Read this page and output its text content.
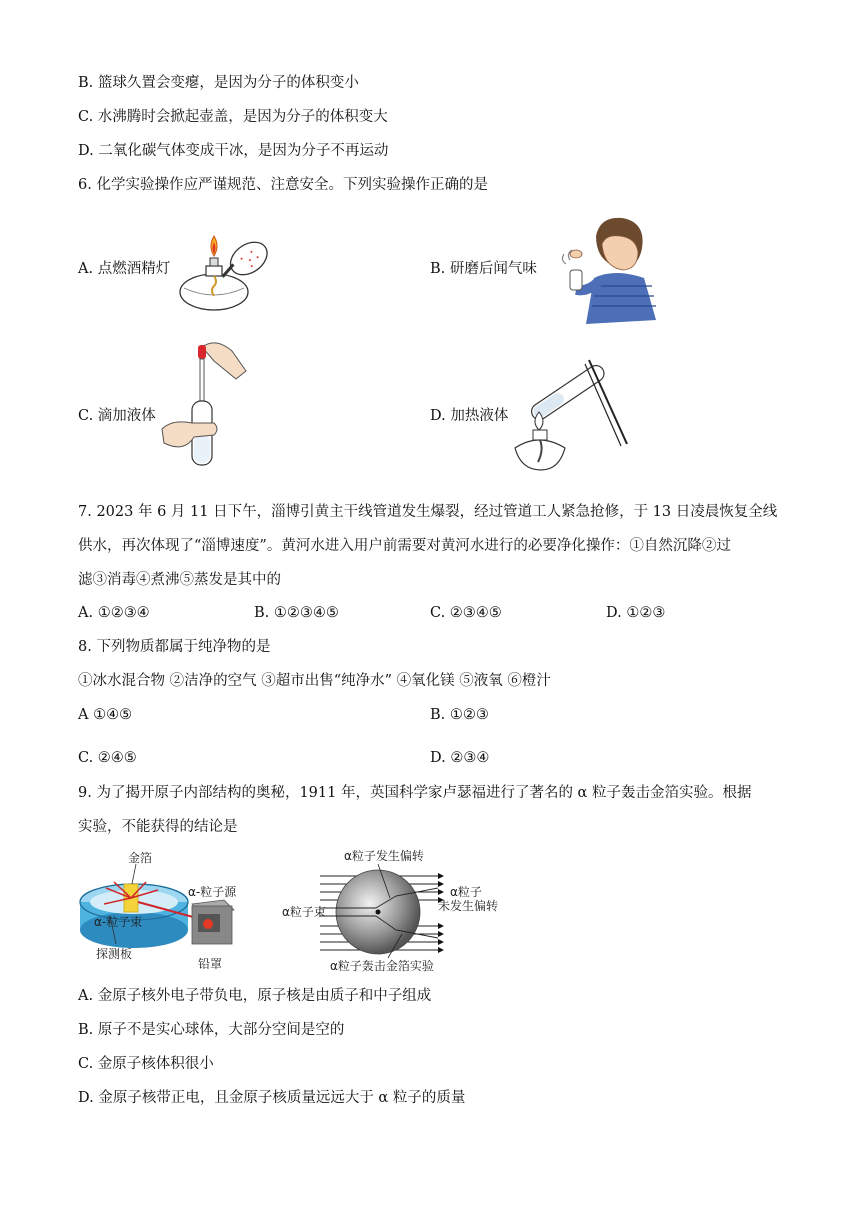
B. 篮球久置会变瘪，是因为分子的体积变小
C. 水沸腾时会掀起壶盖，是因为分子的体积变大
D. 二氧化碳气体变成干冰，是因为分子不再运动
6. 化学实验操作应严谨规范、注意安全。下列实验操作正确的是
A. 点燃酒精灯	B. 研磨后闻气味
C. 滴加液体	D. 加热液体
7. 2023 年 6 月 11 日下午，淄博引黄主干线管道发生爆裂，经过管道工人紧急抢修，于 13 日凌晨恢复全线
供水，再次体现了“淄博速度”。黄河水进入用户前需要对黄河水进行的必要净化操作：①自然沉降②过
滤③消毒④煮沸⑤蒸发是其中的
A. ①②③④	B. ①②③④⑤	C. ②③④⑤	D. ①②③
8. 下列物质都属于纯净物的是
①冰水混合物 ②洁净的空气 ③超市出售“纯净水” ④氧化镁 ⑤液氧 ⑥橙汁
A ①④⑤	B. ①②③
C. ②④⑤	D. ②③④
9. 为了揭开原子内部结构的奥秘，1911 年，英国科学家卢瑟福进行了著名的 α 粒子轰击金箔实验。根据
实验，不能获得的结论是
金箔
α-粒子源
α-粒子束
探测板
铅罩
α粒子发生偏转
α粒子束
α粒子
未发生偏转
α粒子轰击金箔实验
A. 金原子核外电子带负电，原子核是由质子和中子组成
B. 原子不是实心球体，大部分空间是空的
C. 金原子核体积很小
D. 金原子核带正电，且金原子核质量远远大于 α 粒子的质量
